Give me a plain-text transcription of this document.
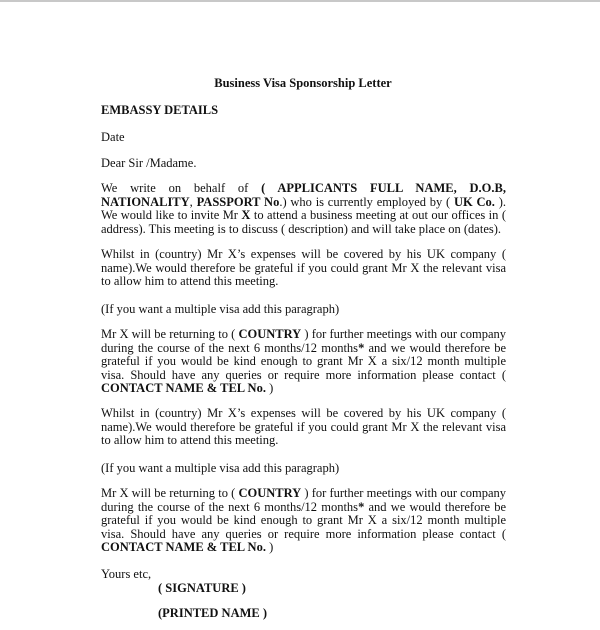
Business Visa Sponsorship Letter

EMBASSY DETAILS

Date

Dear Sir /Madame.

We write on behalf of ( APPLICANTS FULL NAME, D.O.B, NATIONALITY, PASSPORT No.) who is currently employed by ( UK Co. ). We would like to invite Mr X to attend a business meeting at out our offices in ( address). This meeting is to discuss ( description) and will take place on (dates).

Whilst in (country) Mr X’s expenses will be covered by his UK company ( name).We would therefore be grateful if you could grant Mr X the relevant visa to allow him to attend this meeting.

(If you want a multiple visa add this paragraph)

Mr X will be returning to ( COUNTRY ) for further meetings with our company during the course of the next 6 months/12 months* and we would therefore be grateful if you would be kind enough to grant Mr X a six/12 month multiple visa. Should have any queries or require more information please contact ( CONTACT NAME & TEL No. )

Whilst in (country) Mr X’s expenses will be covered by his UK company ( name).We would therefore be grateful if you could grant Mr X the relevant visa to allow him to attend this meeting.

(If you want a multiple visa add this paragraph)

Mr X will be returning to ( COUNTRY ) for further meetings with our company during the course of the next 6 months/12 months* and we would therefore be grateful if you would be kind enough to grant Mr X a six/12 month multiple visa. Should have any queries or require more information please contact ( CONTACT NAME & TEL No. )

Yours etc,

( SIGNATURE )

(PRINTED NAME )
